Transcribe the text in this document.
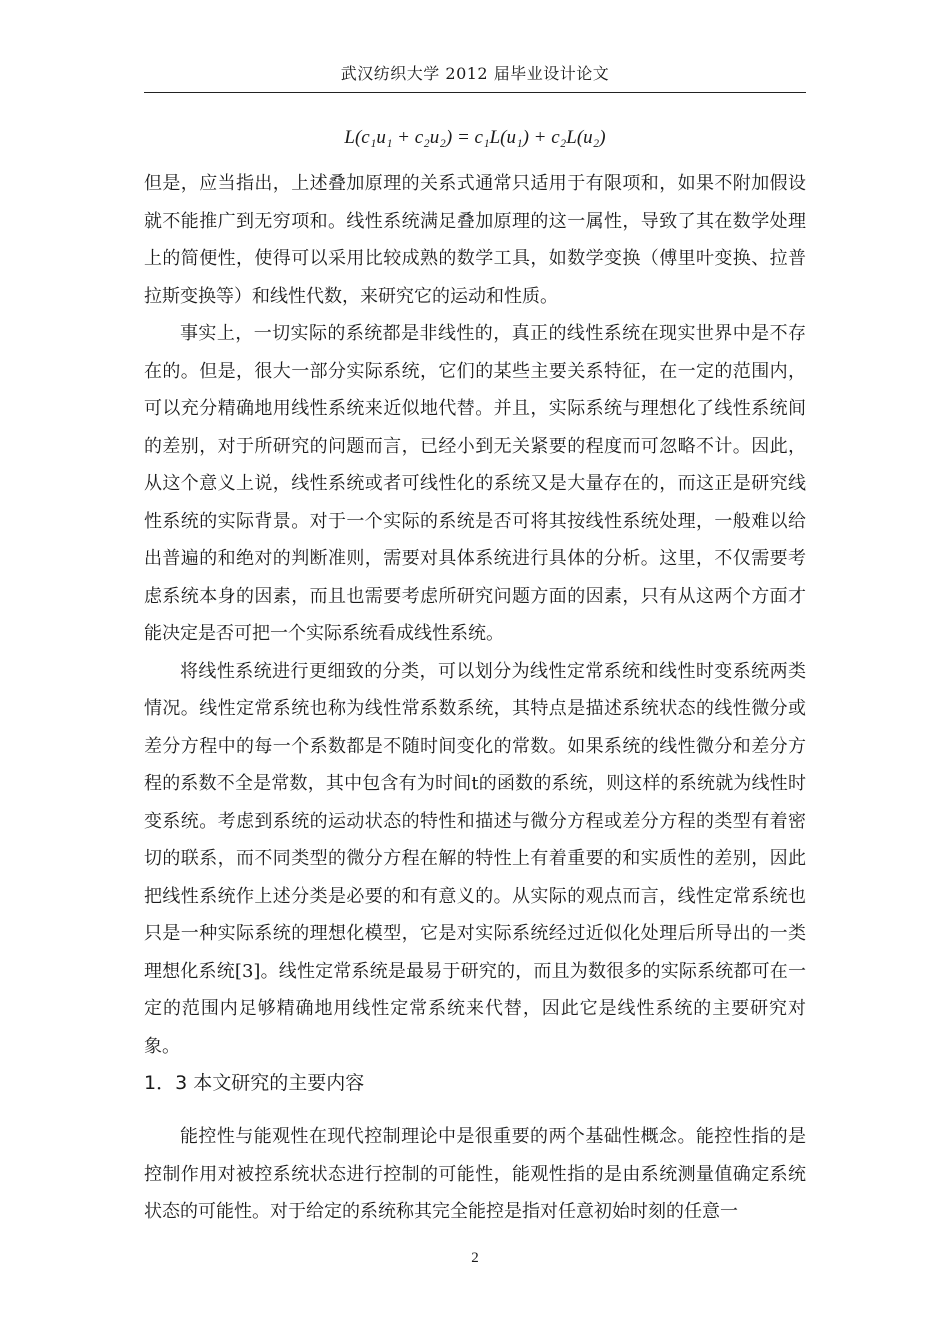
武汉纺织大学 2012 届毕业设计论文
L(c₁u₁ + c₂u₂) = c₁L(u₁) + c₂L(u₂)

但是，应当指出，上述叠加原理的关系式通常只适用于有限项和，如果不附加假设就不能推广到无穷项和。线性系统满足叠加原理的这一属性，导致了其在数学处理上的简便性，使得可以采用比较成熟的数学工具，如数学变换（傅里叶变换、拉普拉斯变换等）和线性代数，来研究它的运动和性质。

事实上，一切实际的系统都是非线性的，真正的线性系统在现实世界中是不存在的。但是，很大一部分实际系统，它们的某些主要关系特征，在一定的范围内，可以充分精确地用线性系统来近似地代替。并且，实际系统与理想化了线性系统间的差别，对于所研究的问题而言，已经小到无关紧要的程度而可忽略不计。因此，从这个意义上说，线性系统或者可线性化的系统又是大量存在的，而这正是研究线性系统的实际背景。对于一个实际的系统是否可将其按线性系统处理，一般难以给出普遍的和绝对的判断准则，需要对具体系统进行具体的分析。这里，不仅需要考虑系统本身的因素，而且也需要考虑所研究问题方面的因素，只有从这两个方面才能决定是否可把一个实际系统看成线性系统。

将线性系统进行更细致的分类，可以划分为线性定常系统和线性时变系统两类情况。线性定常系统也称为线性常系数系统，其特点是描述系统状态的线性微分或差分方程中的每一个系数都是不随时间变化的常数。如果系统的线性微分和差分方程的系数不全是常数，其中包含有为时间t的函数的系统，则这样的系统就为线性时变系统。考虑到系统的运动状态的特性和描述与微分方程或差分方程的类型有着密切的联系，而不同类型的微分方程在解的特性上有着重要的和实质性的差别，因此把线性系统作上述分类是必要的和有意义的。从实际的观点而言，线性定常系统也只是一种实际系统的理想化模型，它是对实际系统经过近似化处理后所导出的一类理想化系统[3]。线性定常系统是最易于研究的，而且为数很多的实际系统都可在一定的范围内足够精确地用线性定常系统来代替，因此它是线性系统的主要研究对象。

1．3 本文研究的主要内容

能控性与能观性在现代控制理论中是很重要的两个基础性概念。能控性指的是控制作用对被控系统状态进行控制的可能性，能观性指的是由系统测量值确定系统状态的可能性。对于给定的系统称其完全能控是指对任意初始时刻的任意一

2
